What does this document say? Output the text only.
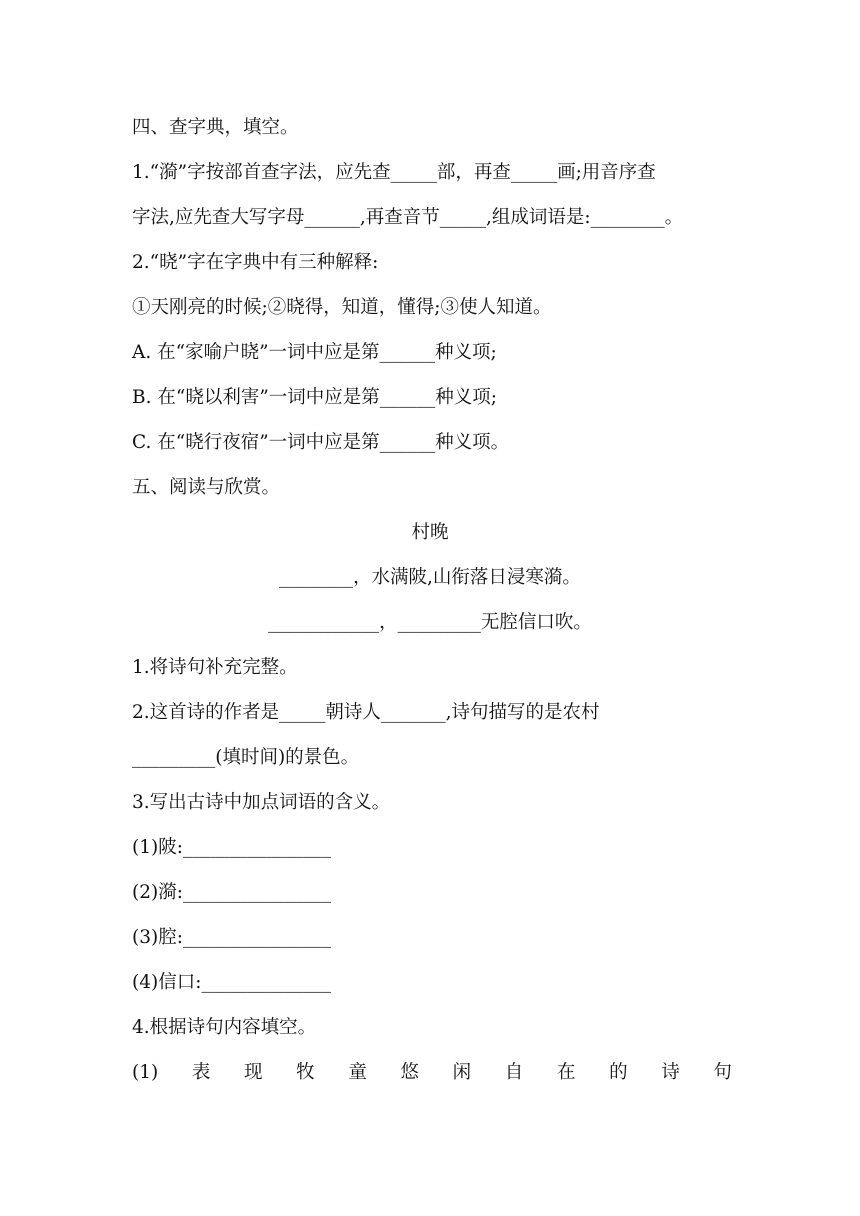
四、查字典，填空。
1.“漪”字按部首查字法，应先查_____部，再查_____画;用音序查
字法,应先查大写字母______,再查音节_____,组成词语是:________。
2.“晓”字在字典中有三种解释:
①天刚亮的时候;②晓得，知道，懂得;③使人知道。
A. 在“家喻户晓”一词中应是第______种义项;
B. 在“晓以利害”一词中应是第______种义项;
C. 在“晓行夜宿”一词中应是第______种义项。
五、阅读与欣赏。
村晚
________，水满陂,山衔落日浸寒漪。
____________，_________无腔信口吹。
1.将诗句补充完整。
2.这首诗的作者是_____朝诗人_______,诗句描写的是农村
_________(填时间)的景色。
3.写出古诗中加点词语的含义。
(1)陂:________________
(2)漪:________________
(3)腔:________________
(4)信口:______________
4.根据诗句内容填空。
(1) 表 现 牧 童 悠 闲 自 在 的 诗 句
